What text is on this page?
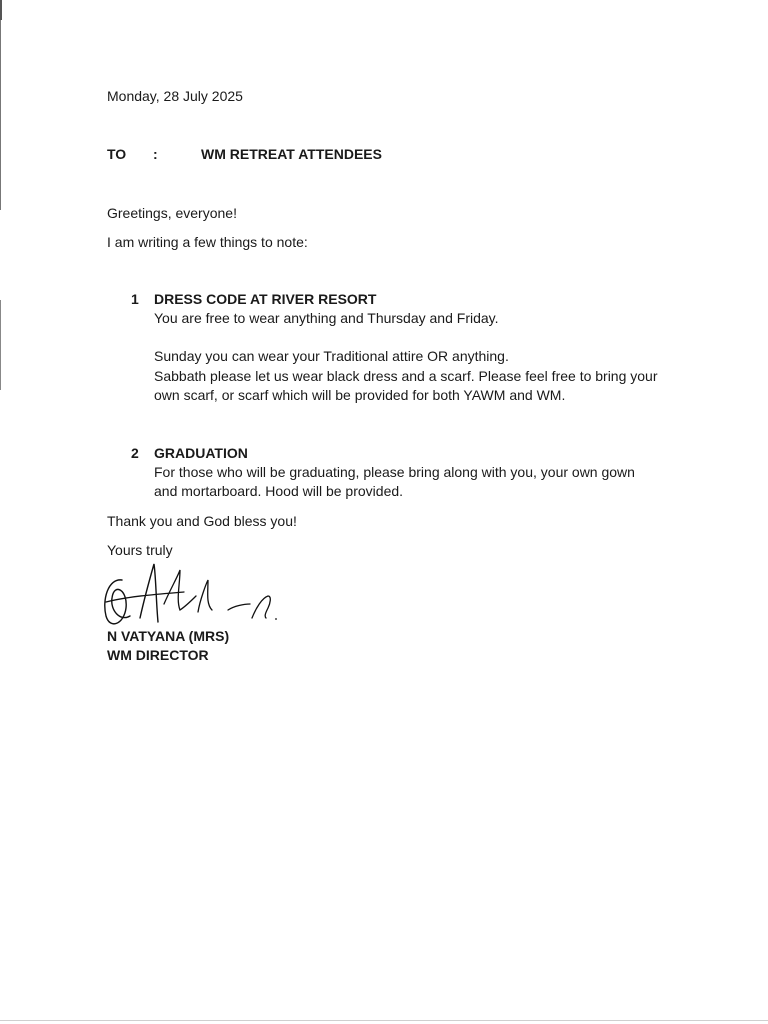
Monday, 28 July 2025
TO :	WM RETREAT ATTENDEES
Greetings, everyone!
I am writing a few things to note:
1 DRESS CODE AT RIVER RESORT
You are free to wear anything and Thursday and Friday.
Sunday you can wear your Traditional attire OR anything.
Sabbath please let us wear black dress and a scarf. Please feel free to bring your
own scarf, or scarf which will be provided for both YAWM and WM.
2 GRADUATION
For those who will be graduating, please bring along with you, your own gown
and mortarboard. Hood will be provided.
Thank you and God bless you!
Yours truly
N VATYANA (MRS)
WM DIRECTOR
